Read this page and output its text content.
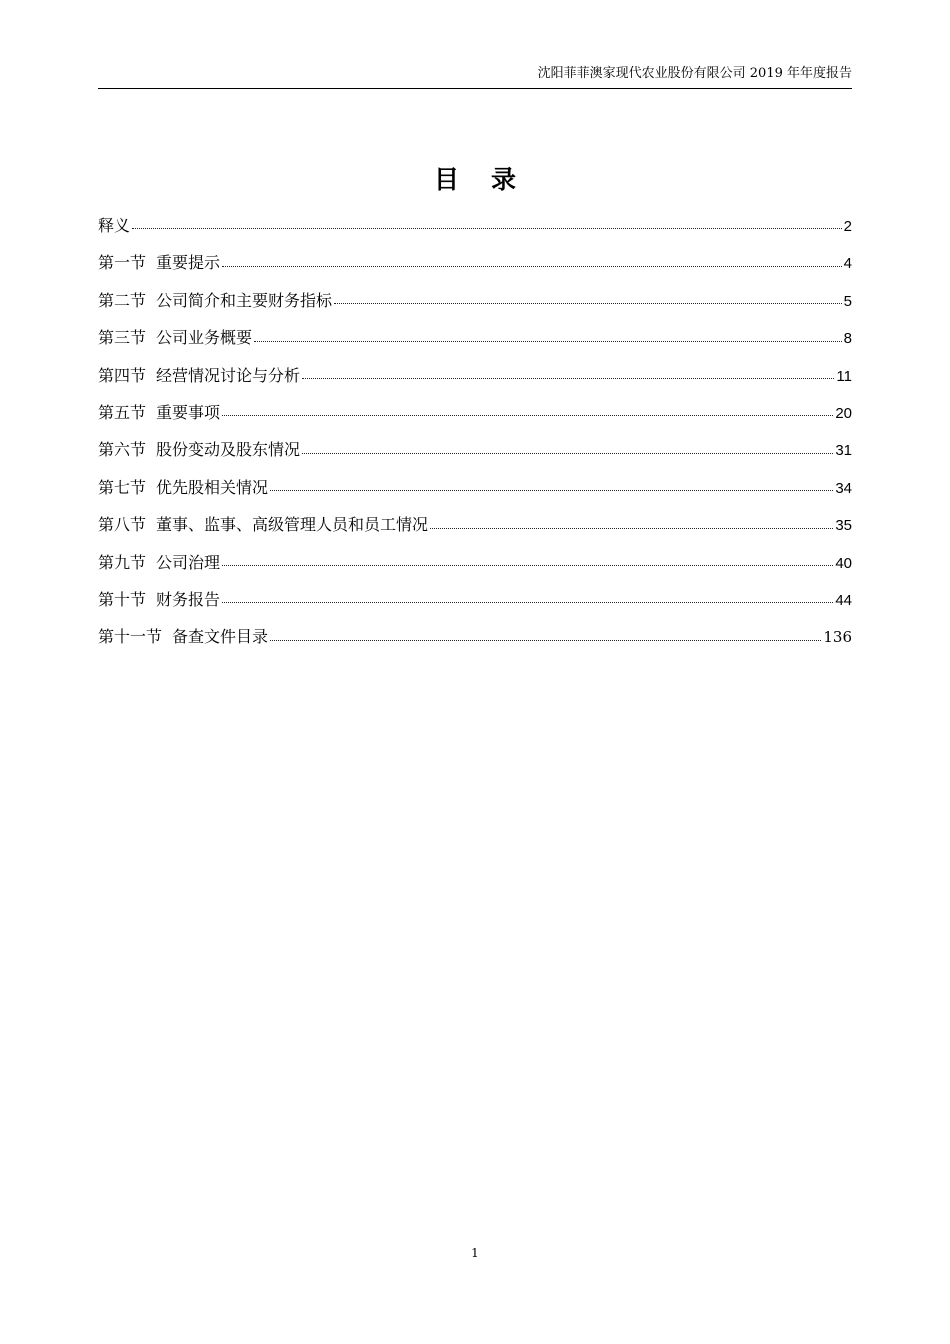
沈阳菲菲澳家现代农业股份有限公司 2019 年年度报告
目录
释义	2
第一节 重要提示	4
第二节 公司简介和主要财务指标	5
第三节 公司业务概要	8
第四节 经营情况讨论与分析	11
第五节 重要事项	20
第六节 股份变动及股东情况	31
第七节 优先股相关情况	34
第八节 董事、监事、高级管理人员和员工情况	35
第九节 公司治理	40
第十节 财务报告	44
第十一节 备查文件目录	136
1
